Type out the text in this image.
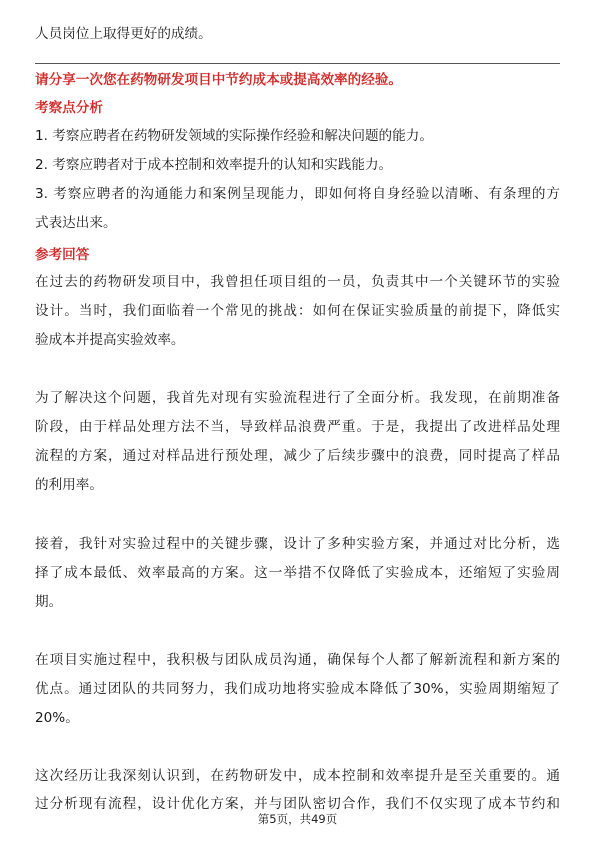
人员岗位上取得更好的成绩。
请分享一次您在药物研发项目中节约成本或提高效率的经验。
考察点分析
1. 考察应聘者在药物研发领域的实际操作经验和解决问题的能力。
2. 考察应聘者对于成本控制和效率提升的认知和实践能力。
3. 考察应聘者的沟通能力和案例呈现能力，即如何将自身经验以清晰、有条理的方
式表达出来。
参考回答
在过去的药物研发项目中，我曾担任项目组的一员，负责其中一个关键环节的实验
设计。当时，我们面临着一个常见的挑战：如何在保证实验质量的前提下，降低实
验成本并提高实验效率。
为了解决这个问题，我首先对现有实验流程进行了全面分析。我发现，在前期准备
阶段，由于样品处理方法不当，导致样品浪费严重。于是，我提出了改进样品处理
流程的方案，通过对样品进行预处理，减少了后续步骤中的浪费，同时提高了样品
的利用率。
接着，我针对实验过程中的关键步骤，设计了多种实验方案，并通过对比分析，选
择了成本最低、效率最高的方案。这一举措不仅降低了实验成本，还缩短了实验周
期。
在项目实施过程中，我积极与团队成员沟通，确保每个人都了解新流程和新方案的
优点。通过团队的共同努力，我们成功地将实验成本降低了30%，实验周期缩短了
20%。
这次经历让我深刻认识到，在药物研发中，成本控制和效率提升是至关重要的。通
过分析现有流程，设计优化方案，并与团队密切合作，我们不仅实现了成本节约和
第5页，共49页
